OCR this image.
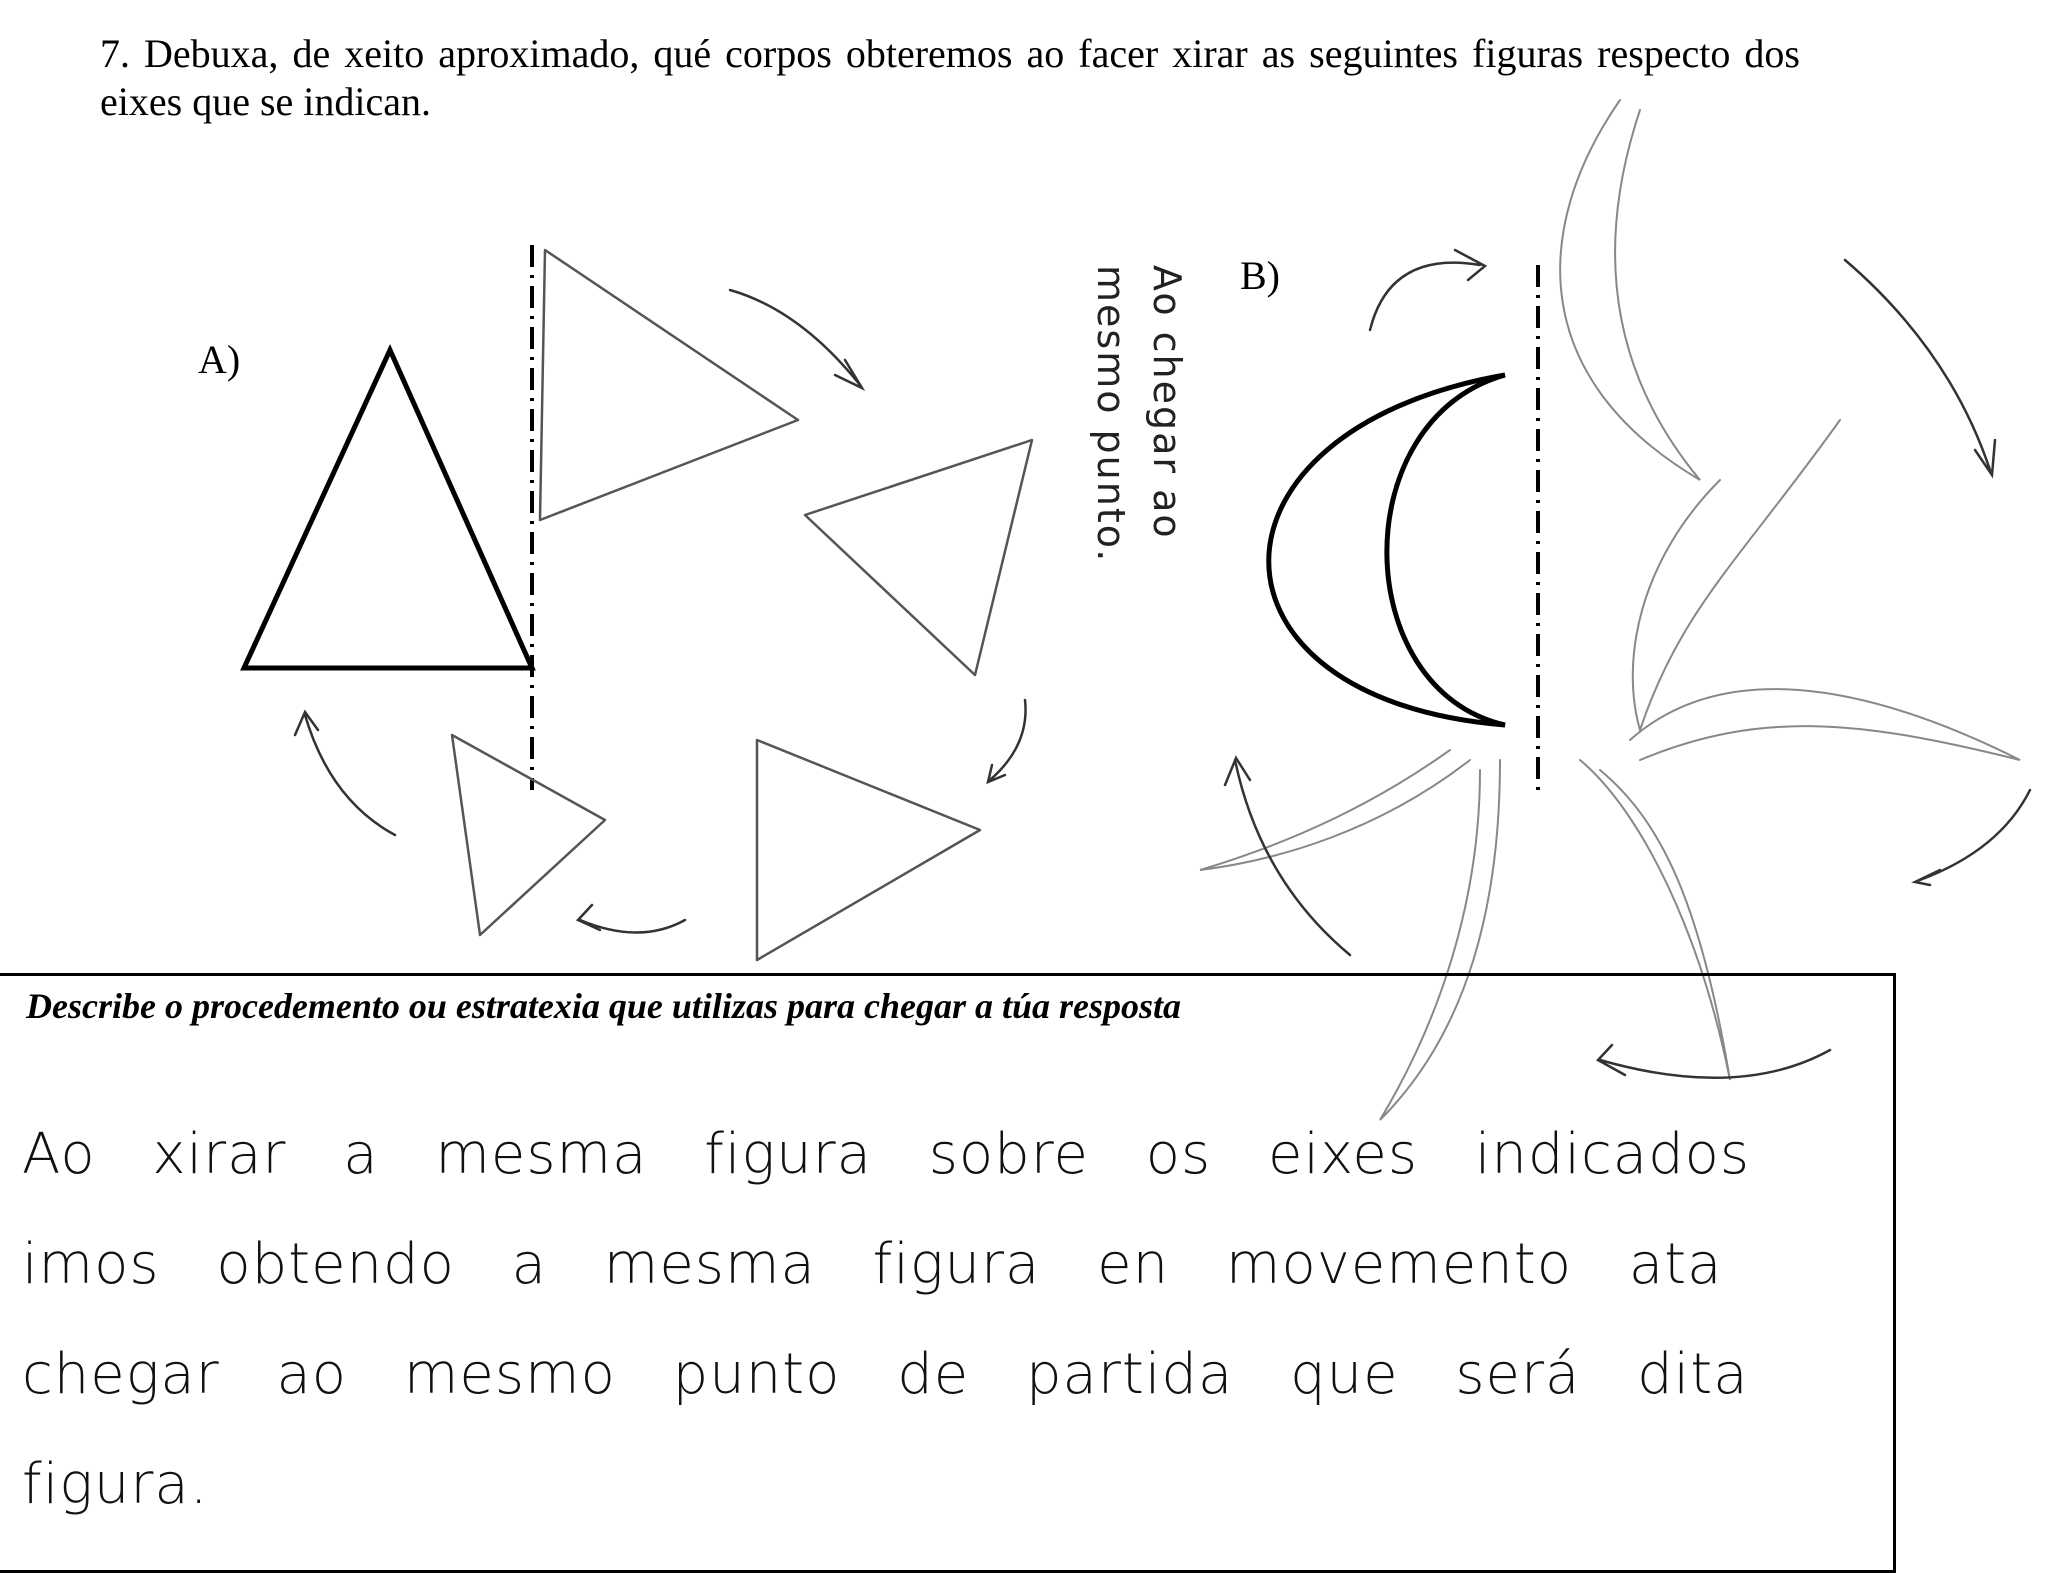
7. Debuxa, de xeito aproximado, qué corpos obteremos ao facer xirar as seguintes figuras respecto dos eixes que se indican.
A)
B)
Ao chegar ao mesmo punto.
Describe o procedemento ou estratexia que utilizas para chegar a túa resposta
Ao xirar a mesma figura sobre os eixes indicados imos obtendo a mesma figura en movemento ata chegar ao mesmo punto de partida que será dita figura.
